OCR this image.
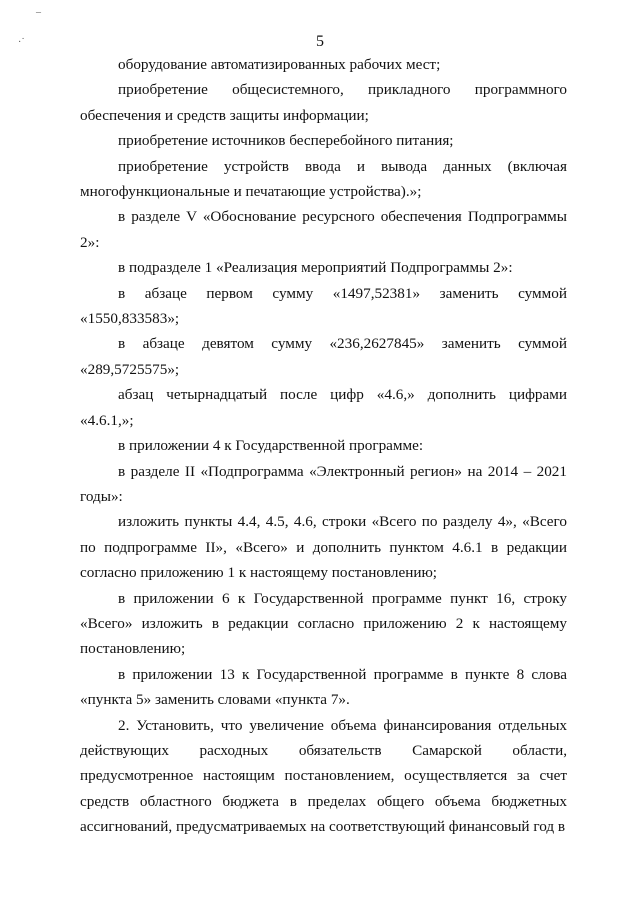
‒
·˙	5

оборудование автоматизированных рабочих мест;

приобретение общесистемного, прикладного программного обеспечения и средств защиты информации;

приобретение источников бесперебойного питания;

приобретение устройств ввода и вывода данных (включая многофункциональные и печатающие устройства).»;

в разделе V «Обоснование ресурсного обеспечения Подпрограммы 2»:

в подразделе 1 «Реализация мероприятий Подпрограммы 2»:

в абзаце первом сумму «1497,52381» заменить суммой «1550,833583»;

в абзаце девятом сумму «236,2627845» заменить суммой «289,5725575»;

абзац четырнадцатый после цифр «4.6,» дополнить цифрами «4.6.1,»;

в приложении 4 к Государственной программе:

в разделе II «Подпрограмма «Электронный регион» на 2014 – 2021 годы»:

изложить пункты 4.4, 4.5, 4.6, строки «Всего по разделу 4», «Всего по подпрограмме II», «Всего» и дополнить пунктом 4.6.1 в редакции согласно приложению 1 к настоящему постановлению;

в приложении 6 к Государственной программе пункт 16, строку «Всего» изложить в редакции согласно приложению 2 к настоящему постановлению;

в приложении 13 к Государственной программе в пункте 8 слова «пункта 5» заменить словами «пункта 7».

2. Установить, что увеличение объема финансирования отдельных действующих расходных обязательств Самарской области, предусмотренное настоящим постановлением, осуществляется за счет средств областного бюджета в пределах общего объема бюджетных ассигнований, предусматриваемых на соответствующий финансовый год в
